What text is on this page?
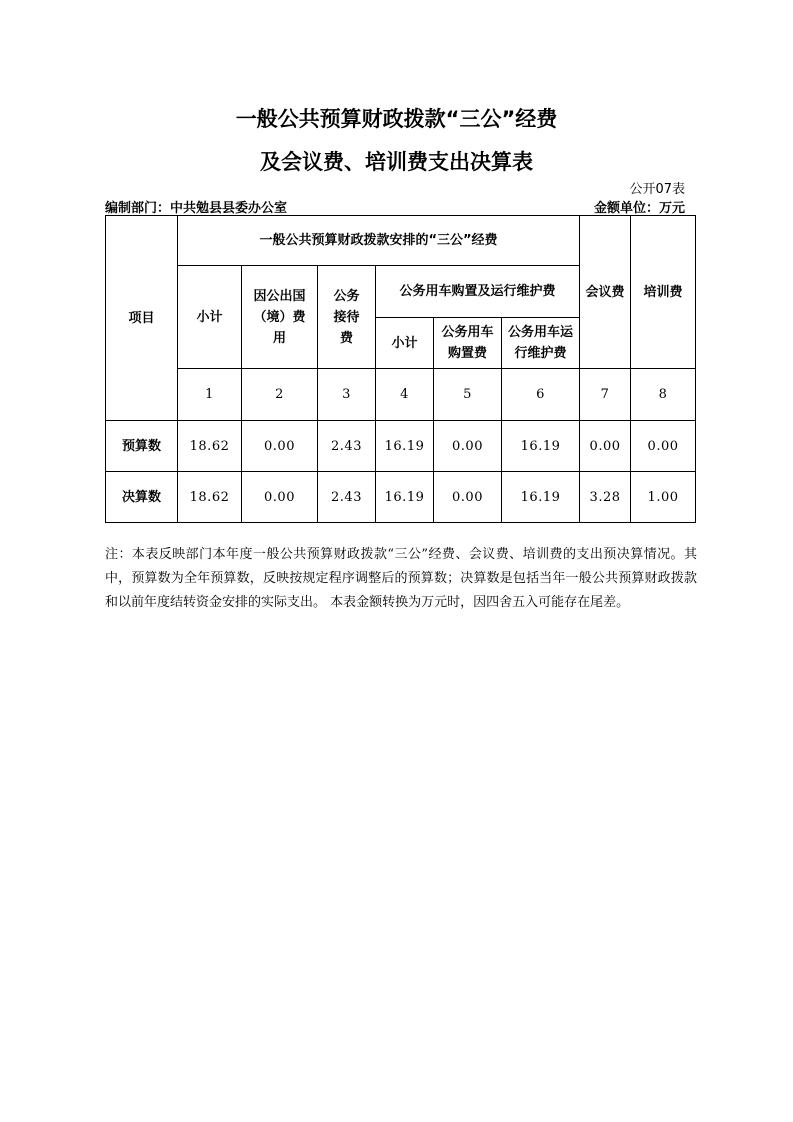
一般公共预算财政拨款“三公”经费
及会议费、培训费支出决算表
公开07表
编制部门：中共勉县县委办公室	金额单位：万元
项目	一般公共预算财政拨款安排的“三公”经费						会议费	培训费
	小计	因公出国（境）费用	公务接待费	公务用车购置及运行维护费				
				小计	公务用车购置费	公务用车运行维护费		
	1	2	3	4	5	6	7	8
预算数	18.62	0.00	2.43	16.19	0.00	16.19	0.00	0.00
决算数	18.62	0.00	2.43	16.19	0.00	16.19	3.28	1.00
注：本表反映部门本年度一般公共预算财政拨款“三公”经费、会议费、培训费的支出预决算情况。其中，预算数为全年预算数，反映按规定程序调整后的预算数；决算数是包括当年一般公共预算财政拨款和以前年度结转资金安排的实际支出。 本表金额转换为万元时，因四舍五入可能存在尾差。
